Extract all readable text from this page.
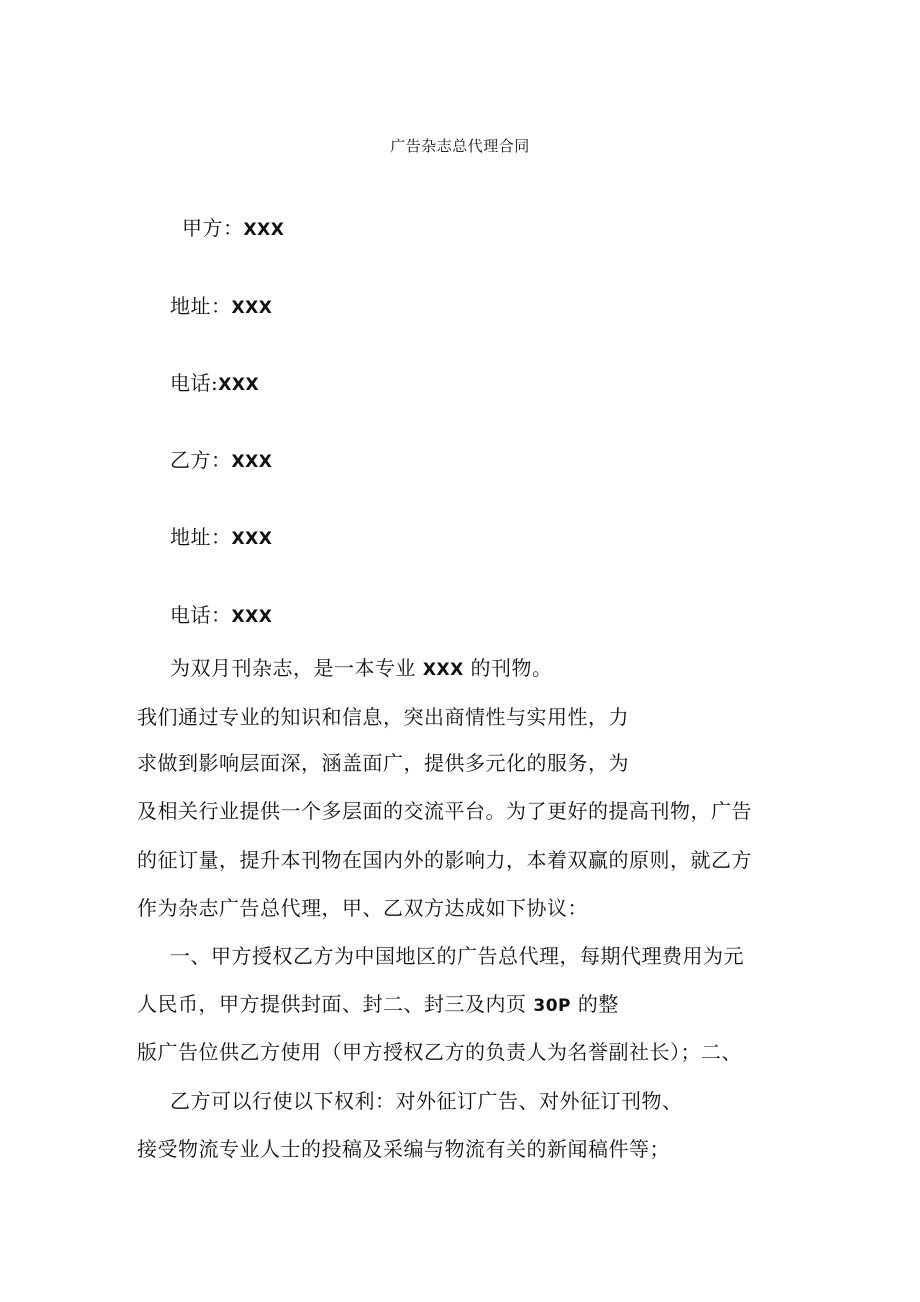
广告杂志总代理合同
甲方：XXX
地址：XXX
电话:XXX
乙方：XXX
地址：XXX
电话：XXX
为双月刊杂志，是一本专业 XXX 的刊物。
我们通过专业的知识和信息，突出商情性与实用性，力
求做到影响层面深，涵盖面广，提供多元化的服务，为
及相关行业提供一个多层面的交流平台。为了更好的提高刊物，广告
的征订量，提升本刊物在国内外的影响力，本着双赢的原则，就乙方
作为杂志广告总代理，甲、乙双方达成如下协议：
一、甲方授权乙方为中国地区的广告总代理，每期代理费用为元
人民币，甲方提供封面、封二、封三及内页 30P 的整
版广告位供乙方使用（甲方授权乙方的负责人为名誉副社长）；二、
乙方可以行使以下权利：对外征订广告、对外征订刊物、
接受物流专业人士的投稿及采编与物流有关的新闻稿件等；
